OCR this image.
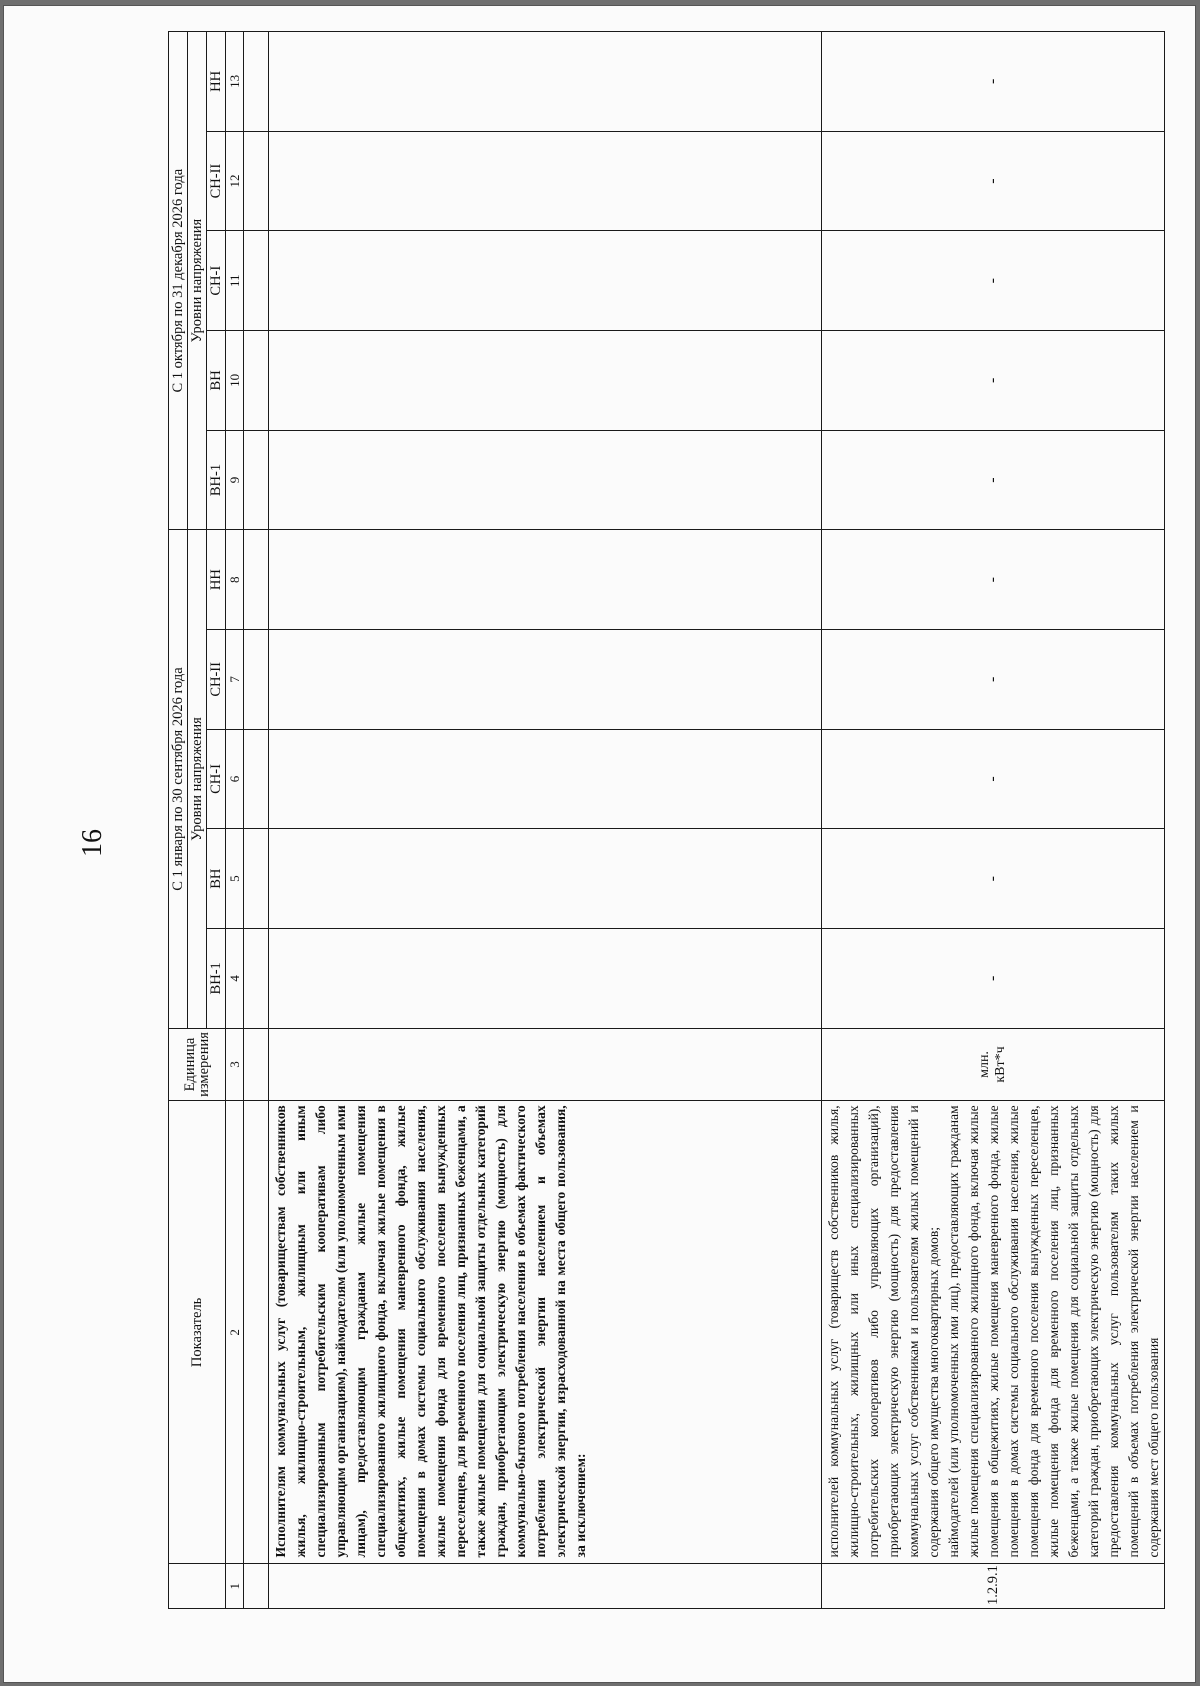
16
	Показатель	Единица измерения	С 1 января по 30 сентября 2026 года					С 1 октября по 31 декабря 2026 года				
			Уровни напряжения					Уровни напряжения				
			ВН-1	ВН	СН-I	СН-II	НН	ВН-1	ВН	СН-I	СН-II	НН
1	2	3	4	5	6	7	8	9	10	11	12	13

	Исполнителям коммунальных услуг (товариществам собственников жилья, жилищно-строительным, жилищным или иным специализированным потребительским кооперативам либо управляющим организациям), наймодателям (или уполномоченным ими лицам), предоставляющим гражданам жилые помещения специализированного жилищного фонда, включая жилые помещения в общежитиях, жилые помещения маневренного фонда, жилые помещения в домах системы социального обслуживания населения, жилые помещения фонда для временного поселения вынужденных переселенцев, для временного поселения лиц, признанных беженцами, а также жилые помещения для социальной защиты отдельных категорий граждан, приобретающим электрическую энергию (мощность) для коммунально-бытового потребления населения в объемах фактического потребления электрической энергии населением и объемах электрической энергии, израсходованной на места общего пользования, за исключением:											
1.2.9.1	исполнителей коммунальных услуг (товариществ собственников жилья, жилищно-строительных, жилищных или иных специализированных потребительских кооперативов либо управляющих организаций), приобретающих электрическую энергию (мощность) для предоставления коммунальных услуг собственникам и пользователям жилых помещений и содержания общего имущества многоквартирных домов;
наймодателей (или уполномоченных ими лиц), предоставляющих гражданам жилые помещения специализированного жилищного фонда, включая жилые помещения в общежитиях, жилые помещения маневренного фонда, жилые помещения в домах системы социального обслуживания населения, жилые помещения фонда для временного поселения вынужденных переселенцев, жилые помещения фонда для временного поселения лиц, признанных беженцами, а также жилые помещения для социальной защиты отдельных категорий граждан, приобретающих электрическую энергию (мощность) для предоставления коммунальных услуг пользователям таких жилых помещений в объемах потребления электрической энергии населением и содержания мест общего пользования	млн. кВт*ч	-	-	-	-	-	-	-	-	-	-
